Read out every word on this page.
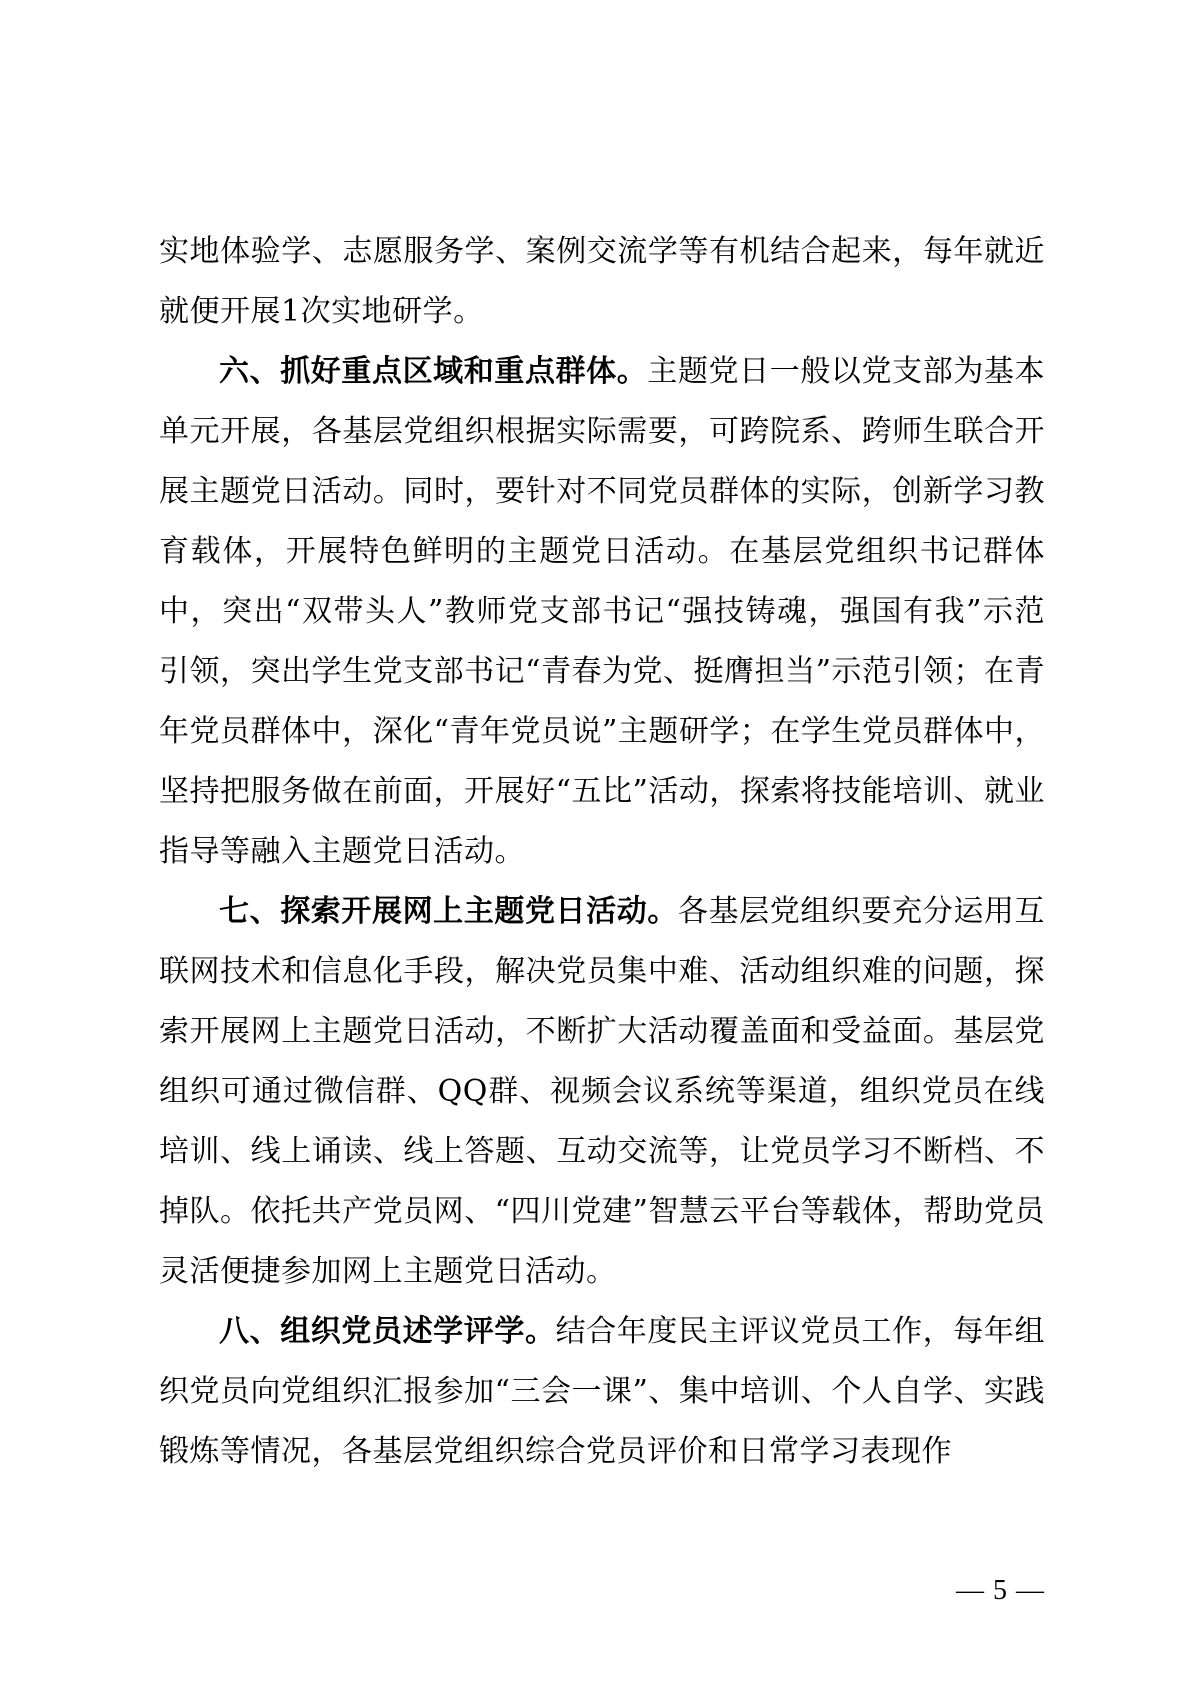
实地体验学、志愿服务学、案例交流学等有机结合起来，每年就近就便开展1次实地研学。

六、抓好重点区域和重点群体。主题党日一般以党支部为基本单元开展，各基层党组织根据实际需要，可跨院系、跨师生联合开展主题党日活动。同时，要针对不同党员群体的实际，创新学习教育载体，开展特色鲜明的主题党日活动。在基层党组织书记群体中，突出“双带头人”教师党支部书记“强技铸魂，强国有我”示范引领，突出学生党支部书记“青春为党、挺膺担当”示范引领；在青年党员群体中，深化“青年党员说”主题研学；在学生党员群体中，坚持把服务做在前面，开展好“五比”活动，探索将技能培训、就业指导等融入主题党日活动。

七、探索开展网上主题党日活动。各基层党组织要充分运用互联网技术和信息化手段，解决党员集中难、活动组织难的问题，探索开展网上主题党日活动，不断扩大活动覆盖面和受益面。基层党组织可通过微信群、QQ群、视频会议系统等渠道，组织党员在线培训、线上诵读、线上答题、互动交流等，让党员学习不断档、不掉队。依托共产党员网、“四川党建”智慧云平台等载体，帮助党员灵活便捷参加网上主题党日活动。

八、组织党员述学评学。结合年度民主评议党员工作，每年组织党员向党组织汇报参加“三会一课”、集中培训、个人自学、实践锻炼等情况，各基层党组织综合党员评价和日常学习表现作

— 5 —
